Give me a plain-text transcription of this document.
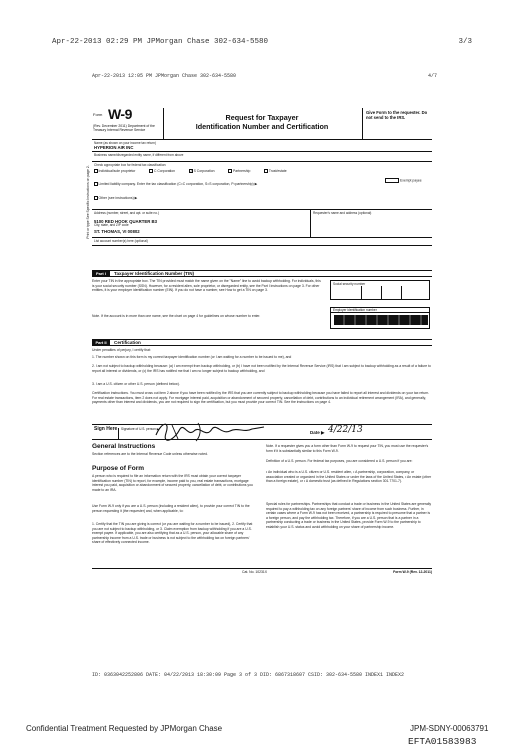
Apr-22-2013 02:29 PM JPMorgan Chase 302-634-5580	3/3
Apr-22-2013 12:05 PM JPMorgan Chase 302-634-5580	4/7
Form W-9
(Rev. December 2011) Department of the Treasury Internal Revenue Service
Request for Taxpayer
Identification Number and Certification
Give Form to the requester. Do not send to the IRS.
Print or type See Specific Instructions on page 2.
Name (as shown on your income tax return)
HYPERION AIR INC
Business name/disregarded entity name, if different from above
Check appropriate box for federal tax classification:
Individual/sole proprietor	C Corporation	✓S Corporation	Partnership	Trust/estate
Limited liability company. Enter the tax classification (C=C corporation, S=S corporation, P=partnership) ▶
Other (see instructions) ▶
Exempt payee
Address (number, street, and apt. or suite no.)
5100 RED HOOK QUARTER B3
City, state, and ZIP code
ST. THOMAS, VI 00802
Requester's name and address (optional)
List account number(s) here (optional)
Part I	Taxpayer Identification Number (TIN)
Enter your TIN in the appropriate box. The TIN provided must match the name given on the "Name" line to avoid backup withholding. For individuals, this is your social security number (SSN). However, for a resident alien, sole proprietor, or disregarded entity, see the Part I instructions on page 3. For other entities, it is your employer identification number (EIN). If you do not have a number, see How to get a TIN on page 3.
Note. If the account is in more than one name, see the chart on page 4 for guidelines on whose number to enter.
Social security number
Employer identification number
Part II	Certification
Under penalties of perjury, I certify that:
1. The number shown on this form is my correct taxpayer identification number (or I am waiting for a number to be issued to me), and
2. I am not subject to backup withholding because: (a) I am exempt from backup withholding, or (b) I have not been notified by the Internal Revenue Service (IRS) that I am subject to backup withholding as a result of a failure to report all interest or dividends, or (c) the IRS has notified me that I am no longer subject to backup withholding, and
3. I am a U.S. citizen or other U.S. person (defined below).
Certification instructions. You must cross out item 2 above if you have been notified by the IRS that you are currently subject to backup withholding because you have failed to report all interest and dividends on your tax return. For real estate transactions, item 2 does not apply. For mortgage interest paid, acquisition or abandonment of secured property, cancellation of debt, contributions to an individual retirement arrangement (IRA), and generally, payments other than interest and dividends, you are not required to sign the certification, but you must provide your correct TIN. See the instructions on page 4.
Sign Here	Signature of U.S. person ▶
Date ▶ 4/22/13
General Instructions
Section references are to the Internal Revenue Code unless otherwise noted.
Purpose of Form
A person who is required to file an information return with the IRS must obtain your correct taxpayer identification number (TIN) to report, for example, income paid to you, real estate transactions, mortgage interest you paid, acquisition or abandonment of secured property, cancellation of debt, or contributions you made to an IRA.
Use Form W-9 only if you are a U.S. person (including a resident alien), to provide your correct TIN to the person requesting it (the requester) and, when applicable, to:
1. Certify that the TIN you are giving is correct (or you are waiting for a number to be issued), 2. Certify that you are not subject to backup withholding, or 3. Claim exemption from backup withholding if you are a U.S. exempt payee. If applicable, you are also certifying that as a U.S. person, your allocable share of any partnership income from a U.S. trade or business is not subject to the withholding tax on foreign partners' share of effectively connected income.
Note. If a requester gives you a form other than Form W-9 to request your TIN, you must use the requester's form if it is substantially similar to this Form W-9.
Definition of a U.S. person. For federal tax purposes, you are considered a U.S. person if you are:
• An individual who is a U.S. citizen or U.S. resident alien, • A partnership, corporation, company, or association created or organized in the United States or under the laws of the United States, • An estate (other than a foreign estate), or • A domestic trust (as defined in Regulations section 301.7701-7).
Special rules for partnerships. Partnerships that conduct a trade or business in the United States are generally required to pay a withholding tax on any foreign partners' share of income from such business. Further, in certain cases where a Form W-9 has not been received, a partnership is required to presume that a partner is a foreign person, and pay the withholding tax. Therefore, if you are a U.S. person that is a partner in a partnership conducting a trade or business in the United States, provide Form W-9 to the partnership to establish your U.S. status and avoid withholding on your share of partnership income.
Cat. No. 10231X	Form W-9 (Rev. 12-2011)
ID: 0363042252806 DATE: 04/22/2013 18:30:09 Page 3 of 3 DID: 6867318607 CSID: 302-634-5580 INDEX1 INDEX2
Confidential Treatment Requested by JPMorgan Chase	JPM-SDNY-00063791
EFTA01583983
